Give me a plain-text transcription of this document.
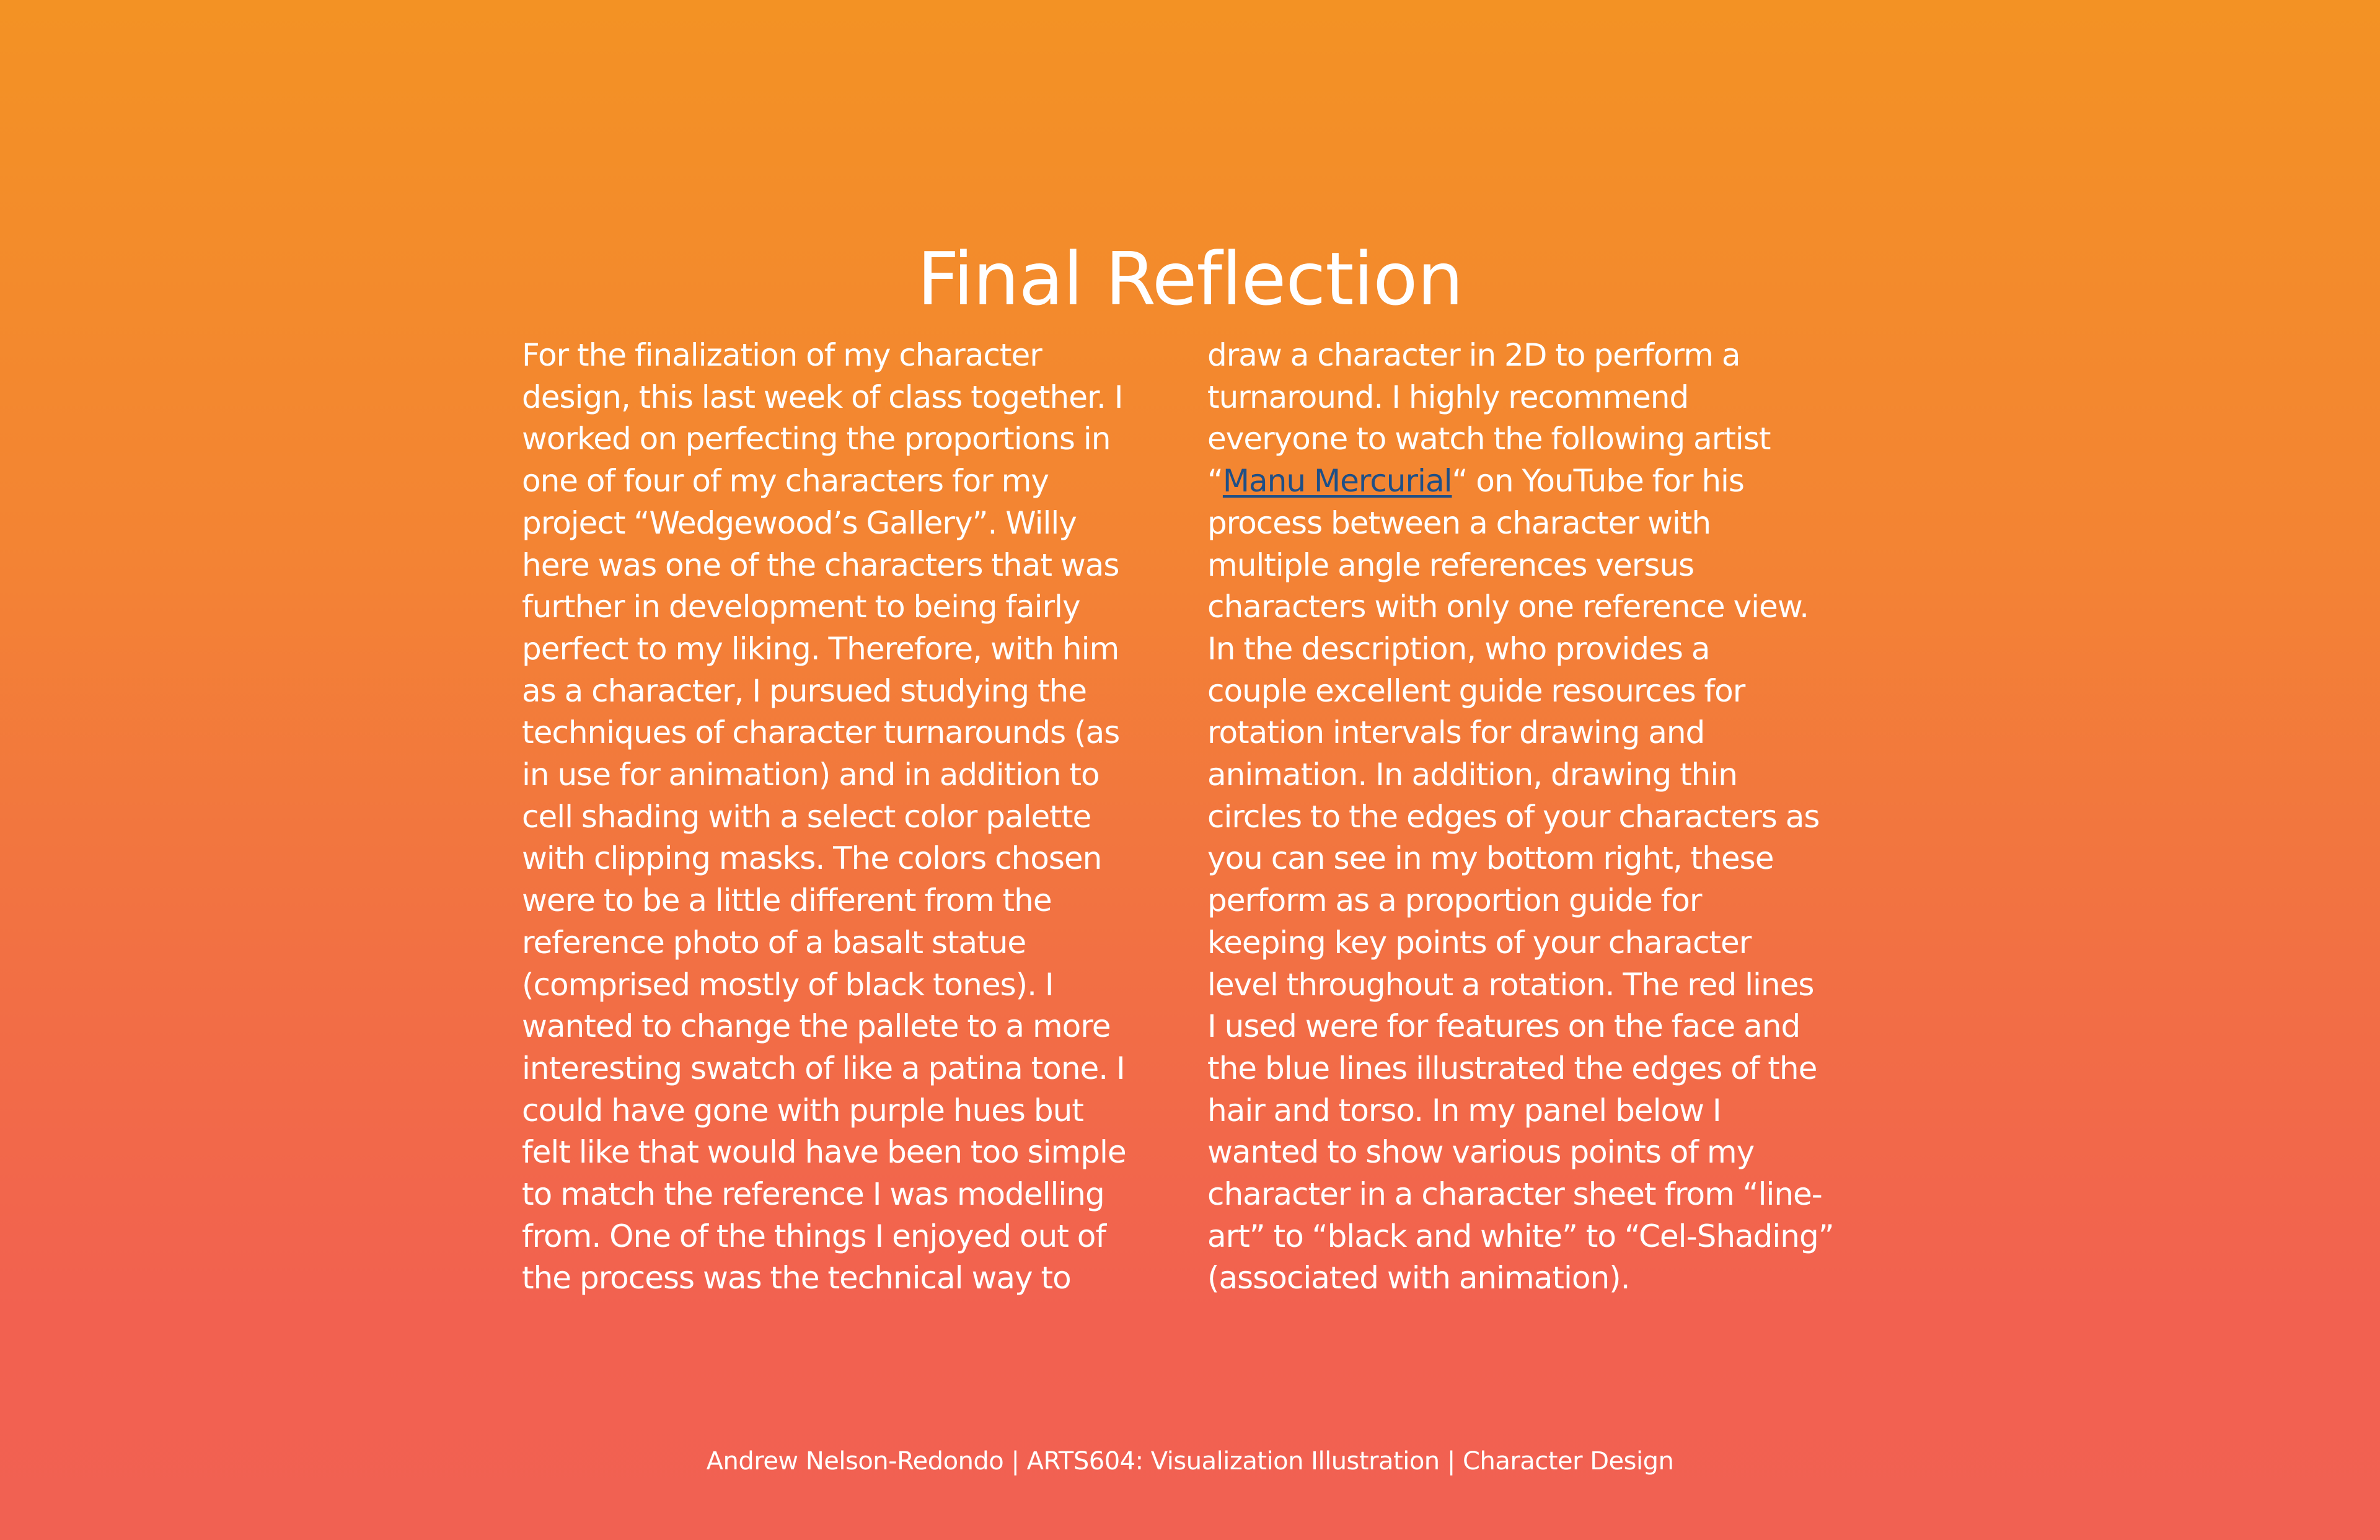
Final Reflection
For the finalization of my character
design, this last week of class together. I
worked on perfecting the proportions in
one of four of my characters for my
project “Wedgewood’s Gallery”. Willy
here was one of the characters that was
further in development to being fairly
perfect to my liking. Therefore, with him
as a character, I pursued studying the
techniques of character turnarounds (as
in use for animation) and in addition to
cell shading with a select color palette
with clipping masks. The colors chosen
were to be a little different from the
reference photo of a basalt statue
(comprised mostly of black tones). I
wanted to change the pallete to a more
interesting swatch of like a patina tone. I
could have gone with purple hues but
felt like that would have been too simple
to match the reference I was modelling
from. One of the things I enjoyed out of
the process was the technical way to
draw a character in 2D to perform a
turnaround. I highly recommend
everyone to watch the following artist
“Manu Mercurial“ on YouTube for his
process between a character with
multiple angle references versus
characters with only one reference view.
In the description, who provides a
couple excellent guide resources for
rotation intervals for drawing and
animation. In addition, drawing thin
circles to the edges of your characters as
you can see in my bottom right, these
perform as a proportion guide for
keeping key points of your character
level throughout a rotation. The red lines
I used were for features on the face and
the blue lines illustrated the edges of the
hair and torso. In my panel below I
wanted to show various points of my
character in a character sheet from “line-
art” to “black and white” to “Cel-Shading”
(associated with animation).
Andrew Nelson-Redondo | ARTS604: Visualization Illustration | Character Design
